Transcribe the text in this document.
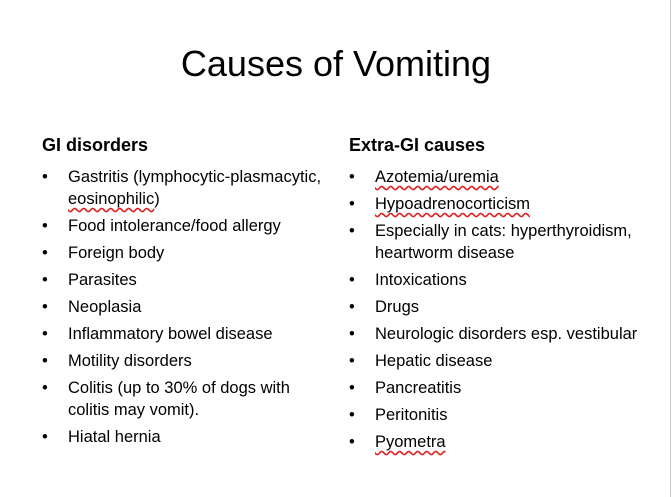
Causes of Vomiting
GI disorders
• Gastritis (lymphocytic-plasmacytic, eosinophilic)
• Food intolerance/food allergy
• Foreign body
• Parasites
• Neoplasia
• Inflammatory bowel disease
• Motility disorders
• Colitis (up to 30% of dogs with colitis may vomit).
• Hiatal hernia
Extra-GI causes
• Azotemia/uremia
• Hypoadrenocorticism
• Especially in cats: hyperthyroidism, heartworm disease
• Intoxications
• Drugs
• Neurologic disorders esp. vestibular
• Hepatic disease
• Pancreatitis
• Peritonitis
• Pyometra
